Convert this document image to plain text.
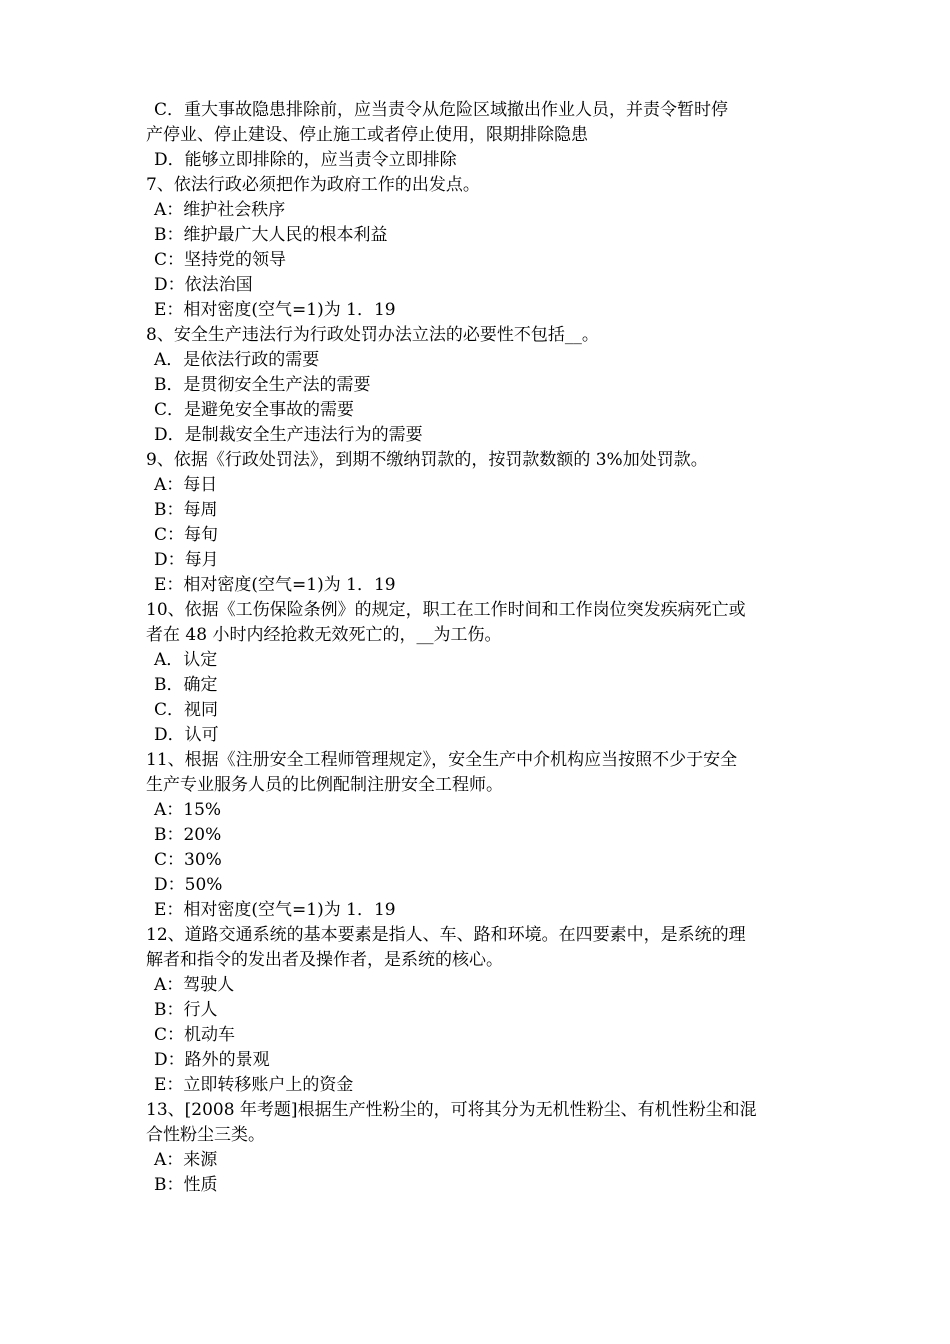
C．重大事故隐患排除前，应当责令从危险区域撤出作业人员，并责令暂时停
产停业、停止建设、停止施工或者停止使用，限期排除隐患
D．能够立即排除的，应当责令立即排除
7、依法行政必须把作为政府工作的出发点。
A：维护社会秩序
B：维护最广大人民的根本利益
C：坚持党的领导
D：依法治国
E：相对密度(空气=1)为 1．19
8、安全生产违法行为行政处罚办法立法的必要性不包括__。
A．是依法行政的需要
B．是贯彻安全生产法的需要
C．是避免安全事故的需要
D．是制裁安全生产违法行为的需要
9、依据《行政处罚法》，到期不缴纳罚款的，按罚款数额的 3%加处罚款。
A：每日
B：每周
C：每旬
D：每月
E：相对密度(空气=1)为 1．19
10、依据《工伤保险条例》的规定，职工在工作时间和工作岗位突发疾病死亡或
者在 48 小时内经抢救无效死亡的，__为工伤。
A．认定
B．确定
C．视同
D．认可
11、根据《注册安全工程师管理规定》，安全生产中介机构应当按照不少于安全
生产专业服务人员的比例配制注册安全工程师。
A：15%
B：20%
C：30%
D：50%
E：相对密度(空气=1)为 1．19
12、道路交通系统的基本要素是指人、车、路和环境。在四要素中，是系统的理
解者和指令的发出者及操作者，是系统的核心。
A：驾驶人
B：行人
C：机动车
D：路外的景观
E：立即转移账户上的资金
13、[2008 年考题]根据生产性粉尘的，可将其分为无机性粉尘、有机性粉尘和混
合性粉尘三类。
A：来源
B：性质
